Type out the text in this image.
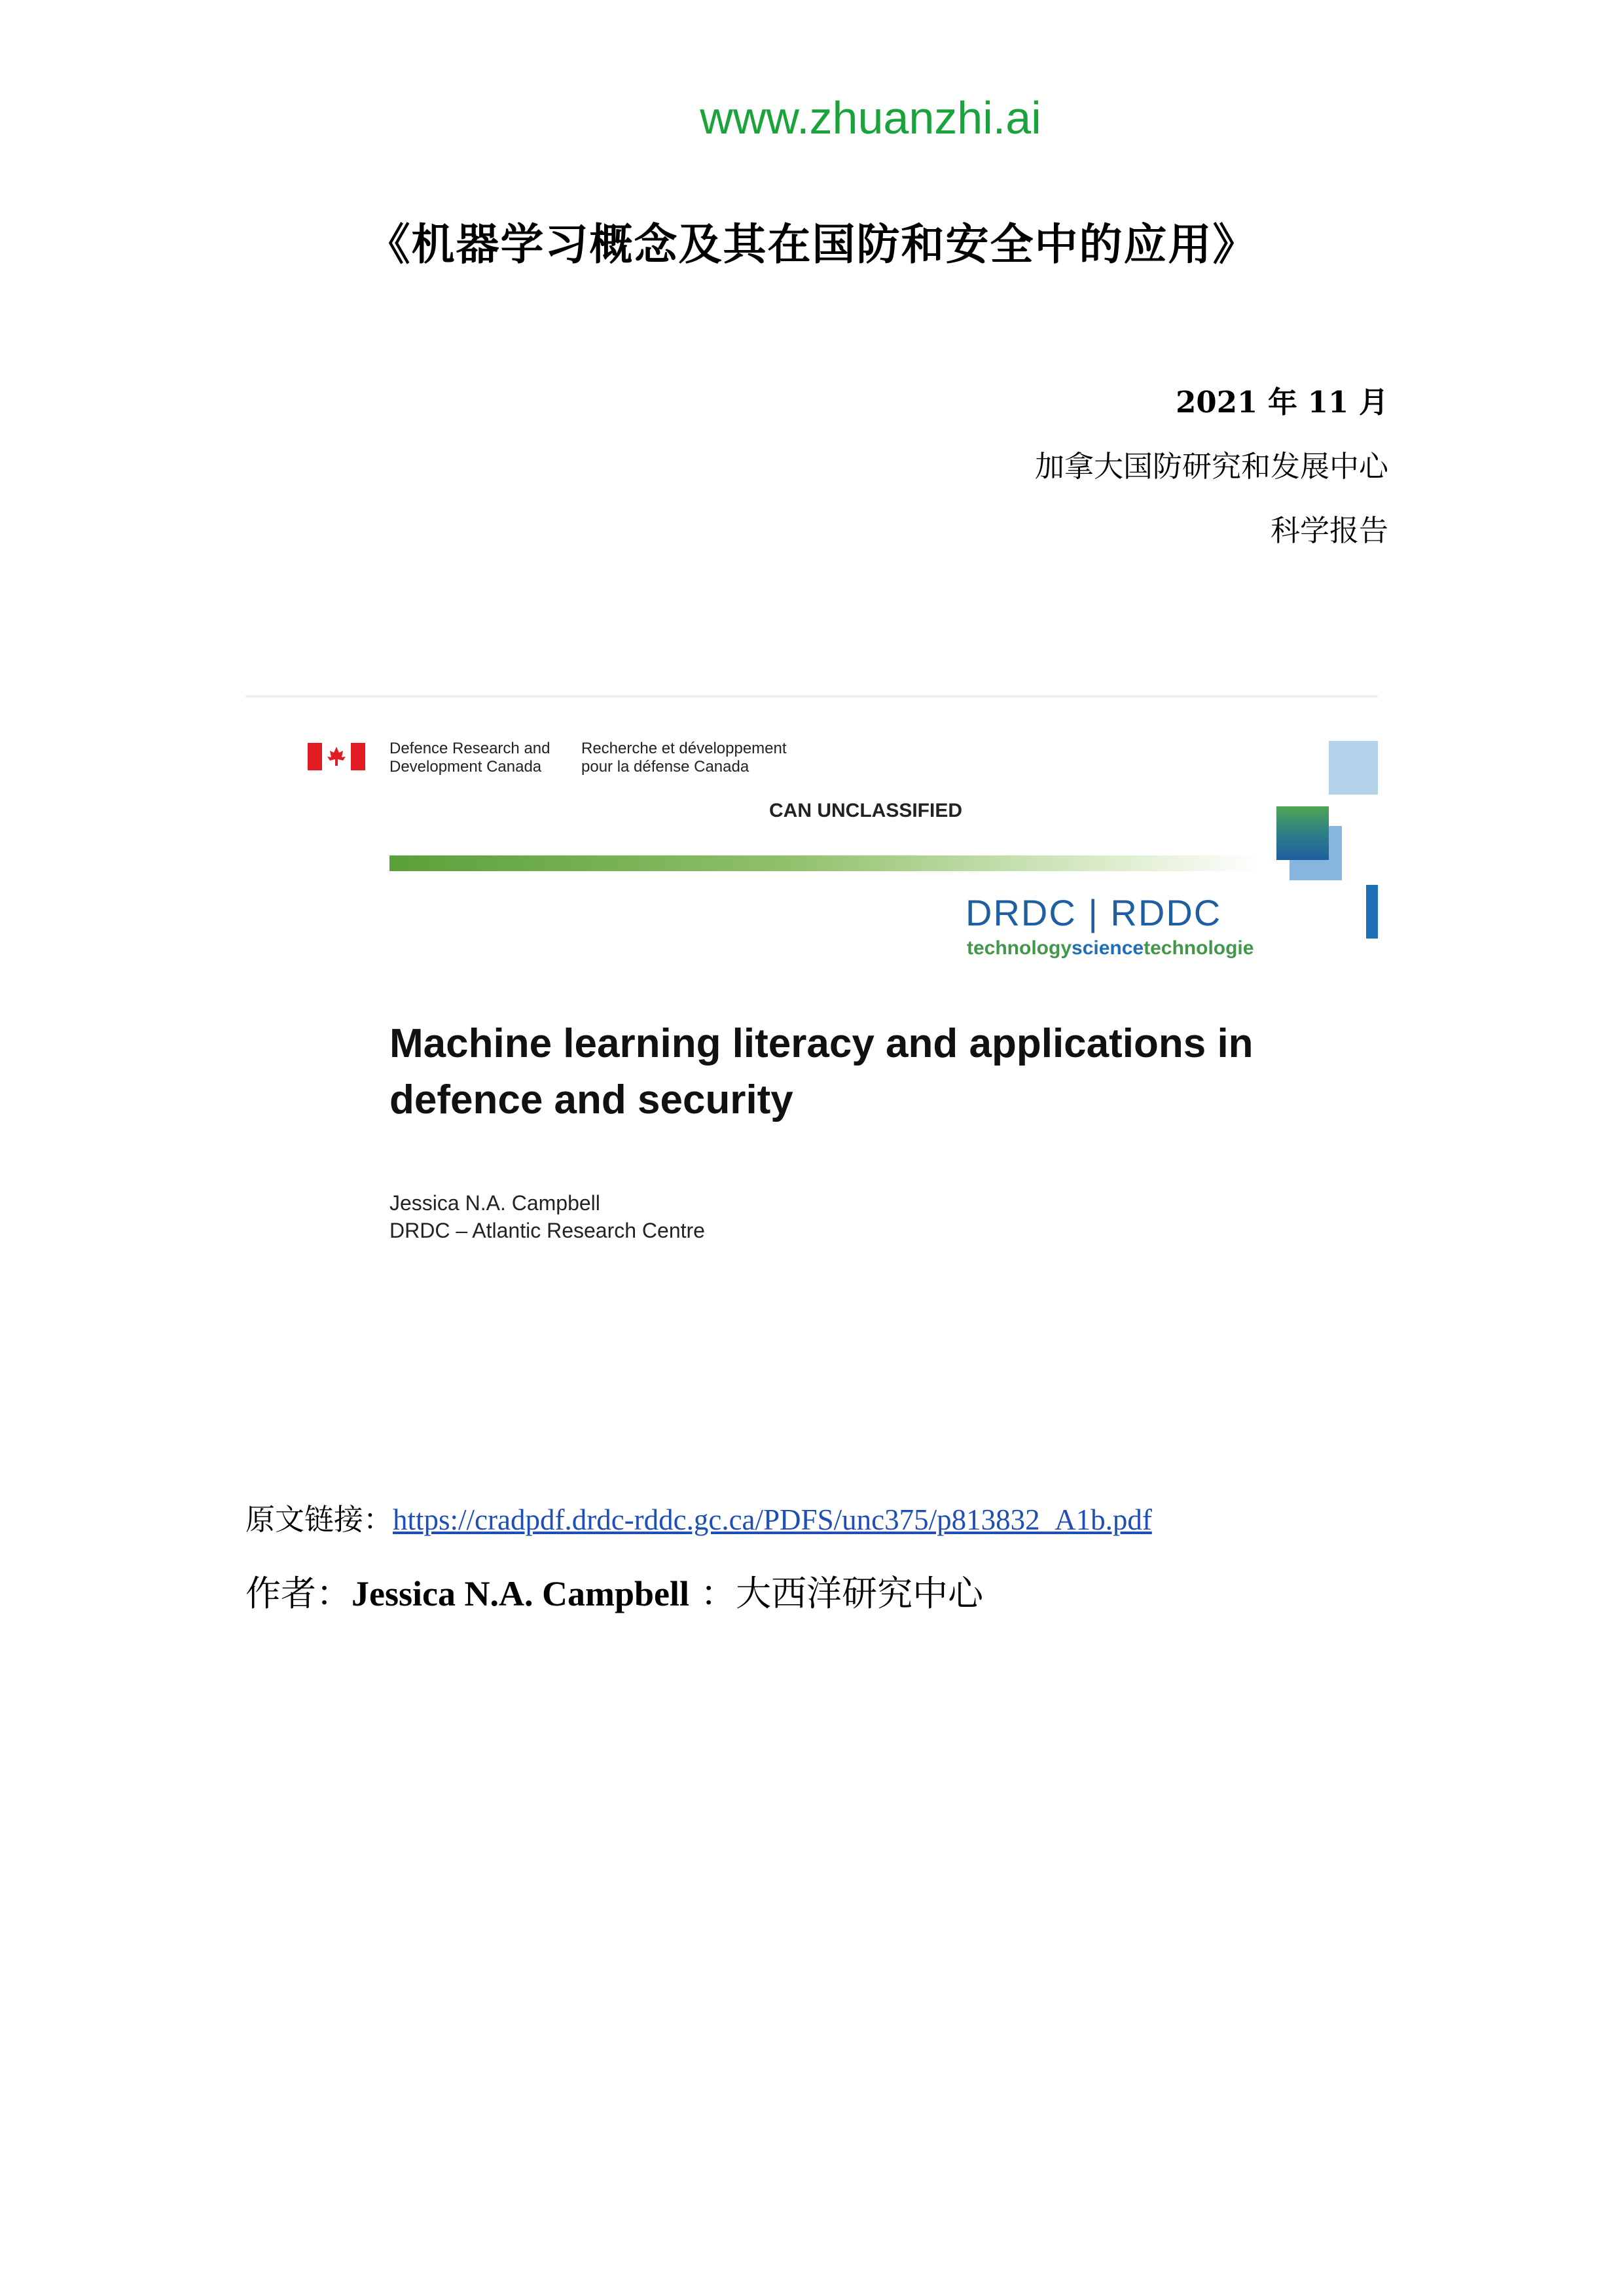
www.zhuanzhi.ai
《机器学习概念及其在国防和安全中的应用》
2021 年 11 月
加拿大国防研究和发展中心
科学报告
Defence Research and
Development Canada
Recherche et développement
pour la défense Canada
CAN UNCLASSIFIED
DRDC | RDDC
technologysciencetechnologie
Machine learning literacy and applications in defence and security
Jessica N.A. Campbell
DRDC – Atlantic Research Centre
原文链接：https://cradpdf.drdc-rddc.gc.ca/PDFS/unc375/p813832_A1b.pdf
作者：Jessica N.A. Campbell ：大西洋研究中心
